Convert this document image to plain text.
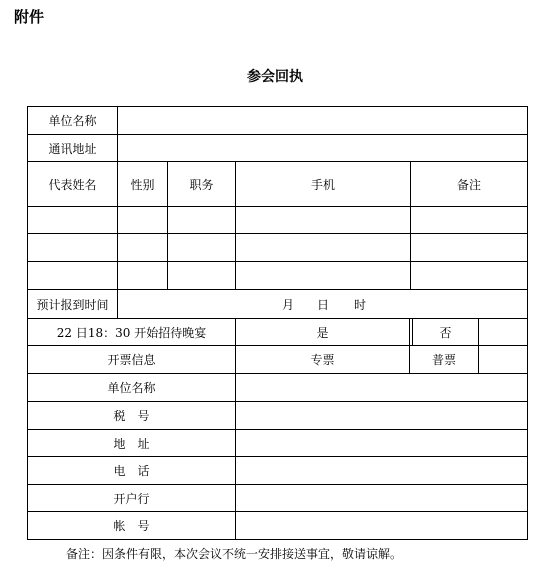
附件
参会回执
单位名称
通讯地址
代表姓名	性别	职务	手机	备注
预计报到时间	月	日	时
22 日18：30 开始招待晚宴	是	否
开票信息	专票	普票
单位名称
税　号
地　址
电　话
开户行
帐　号
备注：因条件有限，本次会议不统一安排接送事宜，敬请谅解。
